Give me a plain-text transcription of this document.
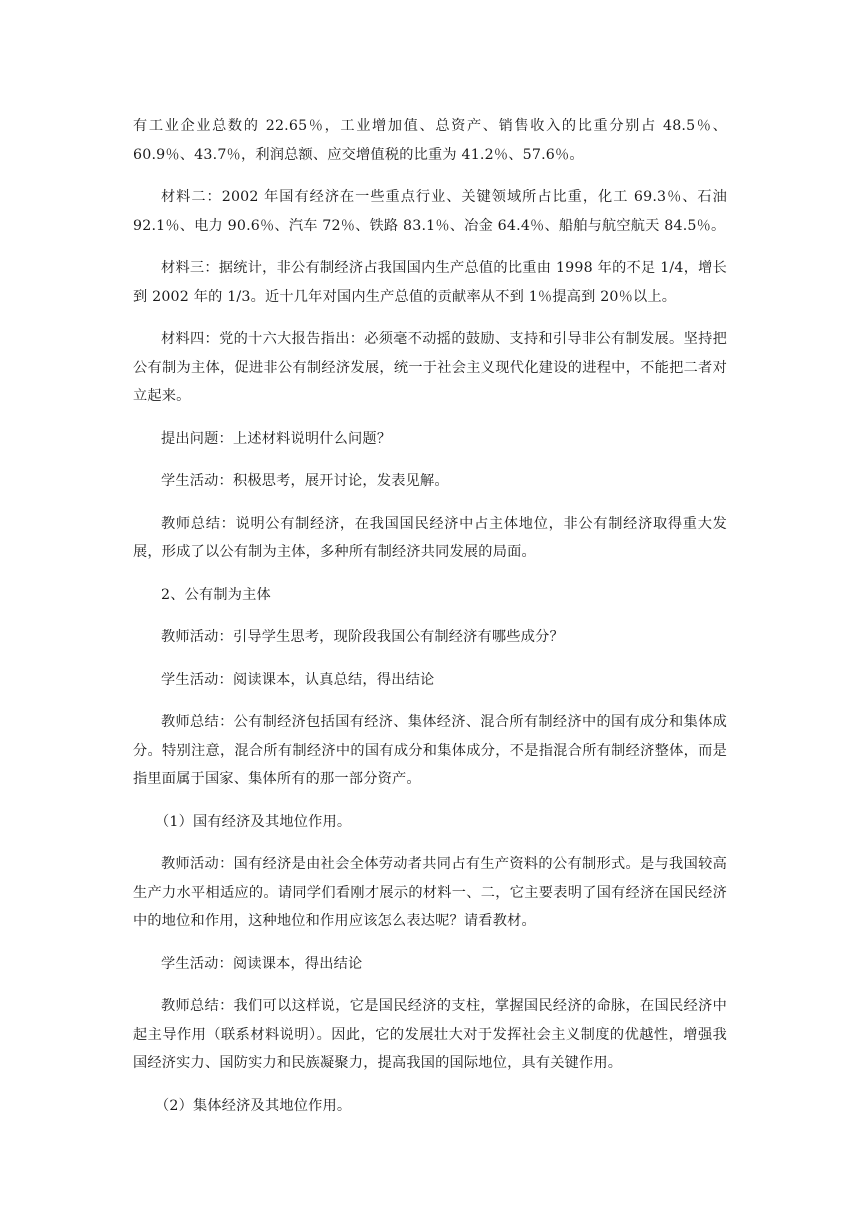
有工业企业总数的 22.65％，工业增加值、总资产、销售收入的比重分别占 48.5％、60.9％、43.7％，利润总额、应交增值税的比重为 41.2％、57.6％。

材料二：2002 年国有经济在一些重点行业、关键领域所占比重，化工 69.3％、石油 92.1％、电力 90.6％、汽车 72％、铁路 83.1％、冶金 64.4％、船舶与航空航天 84.5％。

材料三：据统计，非公有制经济占我国国内生产总值的比重由 1998 年的不足 1/4，增长到 2002 年的 1/3。近十几年对国内生产总值的贡献率从不到 1％提高到 20％以上。

材料四：党的十六大报告指出：必须毫不动摇的鼓励、支持和引导非公有制发展。坚持把公有制为主体，促进非公有制经济发展，统一于社会主义现代化建设的进程中，不能把二者对立起来。

提出问题：上述材料说明什么问题？

学生活动：积极思考，展开讨论，发表见解。

教师总结：说明公有制经济，在我国国民经济中占主体地位，非公有制经济取得重大发展，形成了以公有制为主体，多种所有制经济共同发展的局面。

2、公有制为主体

教师活动：引导学生思考，现阶段我国公有制经济有哪些成分？

学生活动：阅读课本，认真总结，得出结论

教师总结：公有制经济包括国有经济、集体经济、混合所有制经济中的国有成分和集体成分。特别注意，混合所有制经济中的国有成分和集体成分，不是指混合所有制经济整体，而是指里面属于国家、集体所有的那一部分资产。

（1）国有经济及其地位作用。

教师活动：国有经济是由社会全体劳动者共同占有生产资料的公有制形式。是与我国较高生产力水平相适应的。请同学们看刚才展示的材料一、二，它主要表明了国有经济在国民经济中的地位和作用，这种地位和作用应该怎么表达呢？请看教材。

学生活动：阅读课本，得出结论

教师总结：我们可以这样说，它是国民经济的支柱，掌握国民经济的命脉，在国民经济中起主导作用（联系材料说明）。因此，它的发展壮大对于发挥社会主义制度的优越性，增强我国经济实力、国防实力和民族凝聚力，提高我国的国际地位，具有关键作用。

（2）集体经济及其地位作用。
